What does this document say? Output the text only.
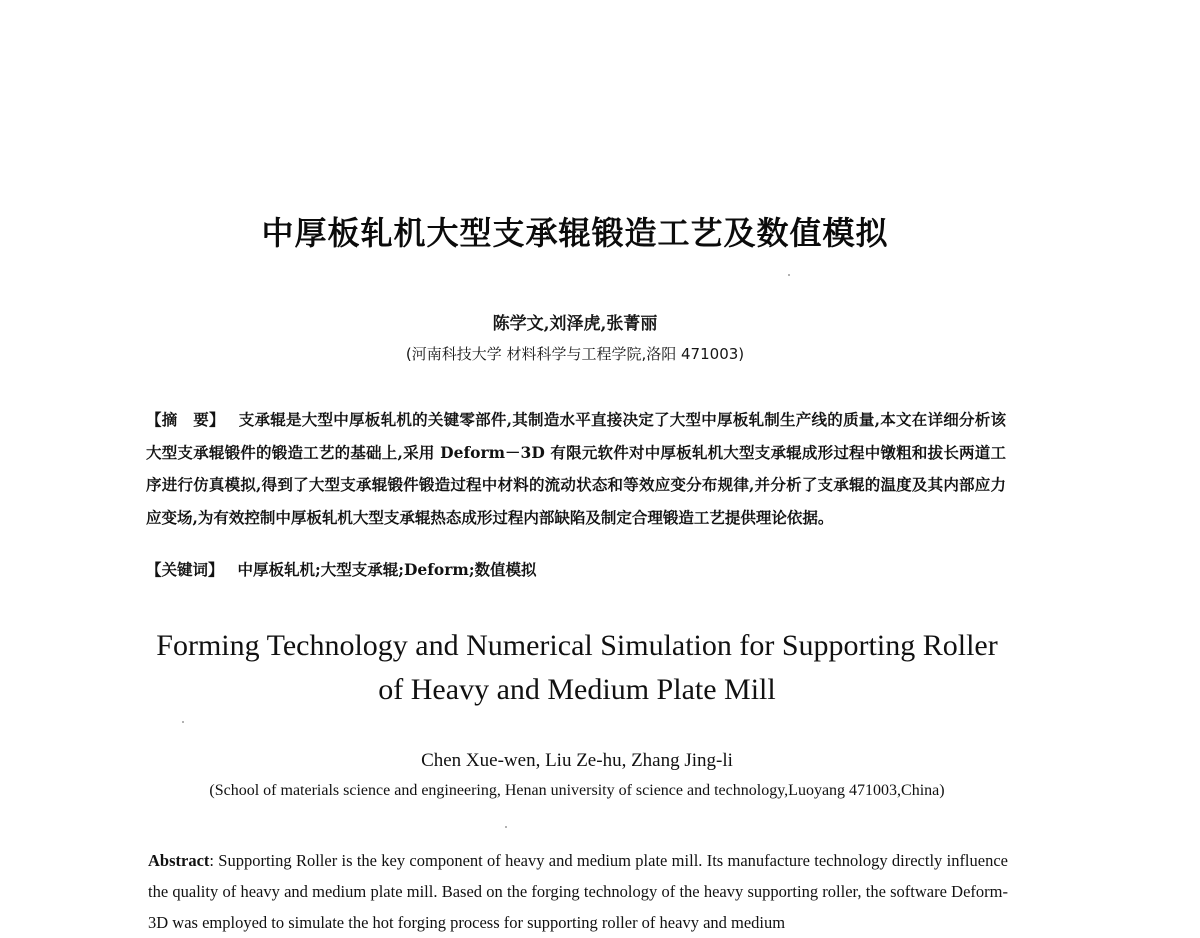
中厚板轧机大型支承辊锻造工艺及数值模拟
陈学文,刘泽虎,张菁丽
(河南科技大学 材料科学与工程学院,洛阳 471003)
【摘　要】 支承辊是大型中厚板轧机的关键零部件,其制造水平直接决定了大型中厚板轧制生产线的质量,本文在详细分析该大型支承辊锻件的锻造工艺的基础上,采用 Deform－3D 有限元软件对中厚板轧机大型支承辊成形过程中镦粗和拔长两道工序进行仿真模拟,得到了大型支承辊锻件锻造过程中材料的流动状态和等效应变分布规律,并分析了支承辊的温度及其内部应力应变场,为有效控制中厚板轧机大型支承辊热态成形过程内部缺陷及制定合理锻造工艺提供理论依据。
【关键词】 中厚板轧机;大型支承辊;Deform;数值模拟
Forming Technology and Numerical Simulation for Supporting Roller
of Heavy and Medium Plate Mill
Chen Xue-wen, Liu Ze-hu, Zhang Jing-li
(School of materials science and engineering, Henan university of science and technology,Luoyang 471003,China)
Abstract: Supporting Roller is the key component of heavy and medium plate mill. Its manufacture technology directly influence the quality of heavy and medium plate mill. Based on the forging technology of the heavy supporting roller, the software Deform-3D was employed to simulate the hot forging process for supporting roller of heavy and medium
